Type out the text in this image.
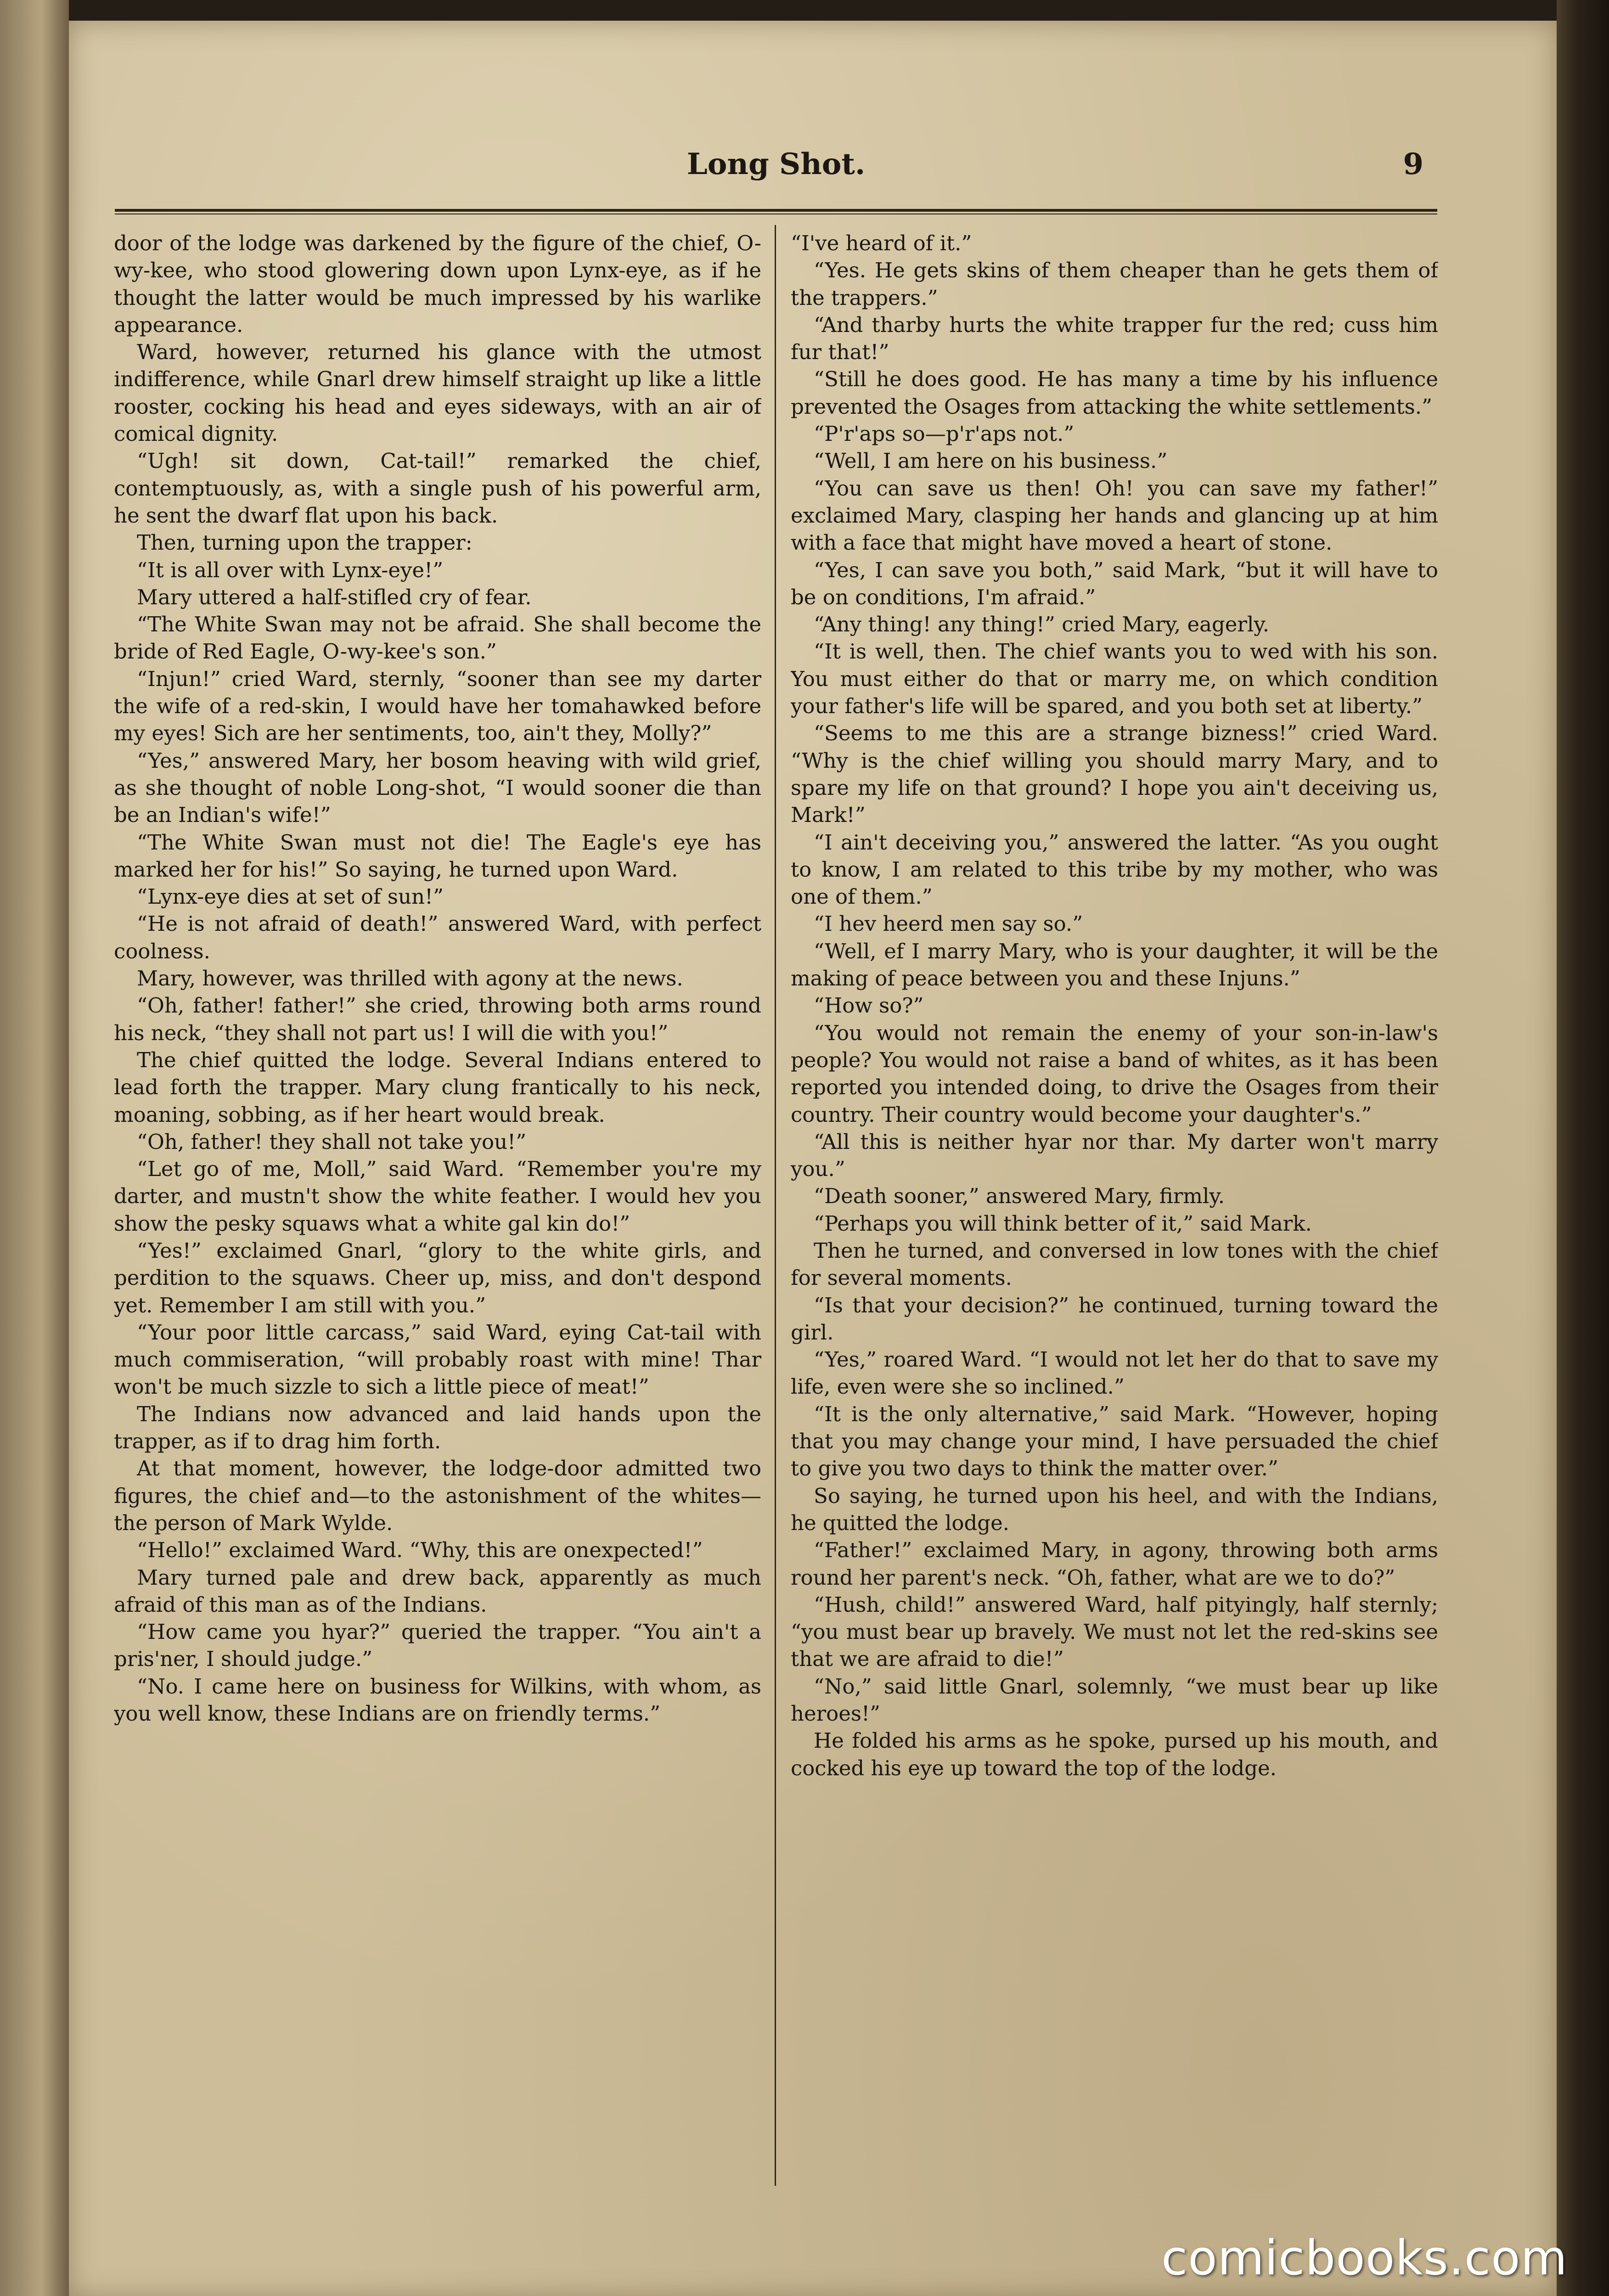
Long Shot.	9

door of the lodge was darkened by the figure of the chief, O-wy-kee, who stood glowering down upon Lynx-eye, as if he thought the latter would be much impressed by his warlike appearance.

Ward, however, returned his glance with the utmost indifference, while Gnarl drew himself straight up like a little rooster, cocking his head and eyes sideways, with an air of comical dignity.

“Ugh! sit down, Cat-tail!” remarked the chief, contemptuously, as, with a single push of his powerful arm, he sent the dwarf flat upon his back.

Then, turning upon the trapper:

“It is all over with Lynx-eye!”

Mary uttered a half-stifled cry of fear.

“The White Swan may not be afraid. She shall become the bride of Red Eagle, O-wy-kee's son.”

“Injun!” cried Ward, sternly, “sooner than see my darter the wife of a red-skin, I would have her tomahawked before my eyes! Sich are her sentiments, too, ain't they, Molly?”

“Yes,” answered Mary, her bosom heaving with wild grief, as she thought of noble Long-shot, “I would sooner die than be an Indian's wife!”

“The White Swan must not die! The Eagle's eye has marked her for his!” So saying, he turned upon Ward.

“Lynx-eye dies at set of sun!”

“He is not afraid of death!” answered Ward, with perfect coolness.

Mary, however, was thrilled with agony at the news.

“Oh, father! father!” she cried, throwing both arms round his neck, “they shall not part us! I will die with you!”

The chief quitted the lodge. Several Indians entered to lead forth the trapper. Mary clung frantically to his neck, moaning, sobbing, as if her heart would break.

“Oh, father! they shall not take you!”

“Let go of me, Moll,” said Ward. “Remember you're my darter, and mustn't show the white feather. I would hev you show the pesky squaws what a white gal kin do!”

“Yes!” exclaimed Gnarl, “glory to the white girls, and perdition to the squaws. Cheer up, miss, and don't despond yet. Remember I am still with you.”

“Your poor little carcass,” said Ward, eying Cat-tail with much commiseration, “will probably roast with mine! Thar won't be much sizzle to sich a little piece of meat!”

The Indians now advanced and laid hands upon the trapper, as if to drag him forth.

At that moment, however, the lodge-door admitted two figures, the chief and—to the astonishment of the whites—the person of Mark Wylde.

“Hello!” exclaimed Ward. “Why, this are onexpected!”

Mary turned pale and drew back, apparently as much afraid of this man as of the Indians.

“How came you hyar?” queried the trapper. “You ain't a pris'ner, I should judge.”

“No. I came here on business for Wilkins, with whom, as you well know, these Indians are on friendly terms.”

“I've heard of it.”

“Yes. He gets skins of them cheaper than he gets them of the trappers.”

“And tharby hurts the white trapper fur the red; cuss him fur that!”

“Still he does good. He has many a time by his influence prevented the Osages from attacking the white settlements.”

“P'r'aps so—p'r'aps not.”

“Well, I am here on his business.”

“You can save us then! Oh! you can save my father!” exclaimed Mary, clasping her hands and glancing up at him with a face that might have moved a heart of stone.

“Yes, I can save you both,” said Mark, “but it will have to be on conditions, I'm afraid.”

“Any thing! any thing!” cried Mary, eagerly.

“It is well, then. The chief wants you to wed with his son. You must either do that or marry me, on which condition your father's life will be spared, and you both set at liberty.”

“Seems to me this are a strange bizness!” cried Ward. “Why is the chief willing you should marry Mary, and to spare my life on that ground? I hope you ain't deceiving us, Mark!”

“I ain't deceiving you,” answered the latter. “As you ought to know, I am related to this tribe by my mother, who was one of them.”

“I hev heerd men say so.”

“Well, ef I marry Mary, who is your daughter, it will be the making of peace between you and these Injuns.”

“How so?”

“You would not remain the enemy of your son-in-law's people? You would not raise a band of whites, as it has been reported you intended doing, to drive the Osages from their country. Their country would become your daughter's.”

“All this is neither hyar nor thar. My darter won't marry you.”

“Death sooner,” answered Mary, firmly.

“Perhaps you will think better of it,” said Mark.

Then he turned, and conversed in low tones with the chief for several moments.

“Is that your decision?” he continued, turning toward the girl.

“Yes,” roared Ward. “I would not let her do that to save my life, even were she so inclined.”

“It is the only alternative,” said Mark. “However, hoping that you may change your mind, I have persuaded the chief to give you two days to think the matter over.”

So saying, he turned upon his heel, and with the Indians, he quitted the lodge.

“Father!” exclaimed Mary, in agony, throwing both arms round her parent's neck. “Oh, father, what are we to do?”

“Hush, child!” answered Ward, half pityingly, half sternly; “you must bear up bravely. We must not let the red-skins see that we are afraid to die!”

“No,” said little Gnarl, solemnly, “we must bear up like heroes!”

He folded his arms as he spoke, pursed up his mouth, and cocked his eye up toward the top of the lodge.

comicbooks.com
